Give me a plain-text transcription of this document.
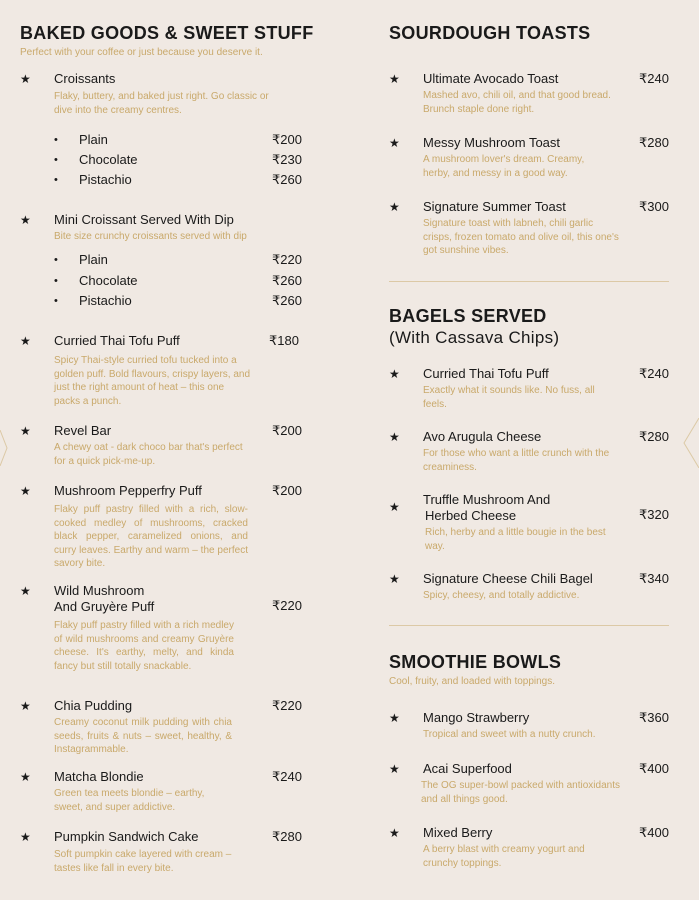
BAKED GOODS & SWEET STUFF
Perfect with your coffee or just because you deserve it.
★ Croissants
Flaky, buttery, and baked just right. Go classic or dive into the creamy centres.
• Plain	₹200
• Chocolate	₹230
• Pistachio	₹260
★ Mini Croissant Served With Dip
Bite size crunchy croissants served with dip
• Plain	₹220
• Chocolate	₹260
• Pistachio	₹260
★ Curried Thai Tofu Puff	₹180
Spicy Thai-style curried tofu tucked into a golden puff. Bold flavours, crispy layers, and just the right amount of heat – this one packs a punch.
★ Revel Bar	₹200
A chewy oat - dark choco bar that's perfect for a quick pick-me-up.
★ Mushroom Pepperfry Puff	₹200
Flaky puff pastry filled with a rich, slow-cooked medley of mushrooms, cracked black pepper, caramelized onions, and curry leaves. Earthy and warm – the perfect savory bite.
★ Wild Mushroom
And Gruyère Puff	₹220
Flaky puff pastry filled with a rich medley of wild mushrooms and creamy Gruyère cheese. It's earthy, melty, and kinda fancy but still totally snackable.
★ Chia Pudding	₹220
Creamy coconut milk pudding with chia seeds, fruits & nuts – sweet, healthy, & Instagrammable.
★ Matcha Blondie	₹240
Green tea meets blondie – earthy, sweet, and super addictive.
★ Pumpkin Sandwich Cake	₹280
Soft pumpkin cake layered with cream – tastes like fall in every bite.
SOURDOUGH TOASTS
★ Ultimate Avocado Toast	₹240
Mashed avo, chili oil, and that good bread. Brunch staple done right.
★ Messy Mushroom Toast	₹280
A mushroom lover's dream. Creamy, herby, and messy in a good way.
★ Signature Summer Toast	₹300
Signature toast with labneh, chili garlic crisps, frozen tomato and olive oil, this one's got sunshine vibes.
BAGELS SERVED
(With Cassava Chips)
★ Curried Thai Tofu Puff	₹240
Exactly what it sounds like. No fuss, all feels.
★ Avo Arugula Cheese	₹280
For those who want a little crunch with the creaminess.
★ Truffle Mushroom And
Herbed Cheese	₹320
Rich, herby and a little bougie in the best way.
★ Signature Cheese Chili Bagel	₹340
Spicy, cheesy, and totally addictive.
SMOOTHIE BOWLS
Cool, fruity, and loaded with toppings.
★ Mango Strawberry	₹360
Tropical and sweet with a nutty crunch.
★ Acai Superfood	₹400
The OG super-bowl packed with antioxidants and all things good.
★ Mixed Berry	₹400
A berry blast with creamy yogurt and crunchy toppings.
